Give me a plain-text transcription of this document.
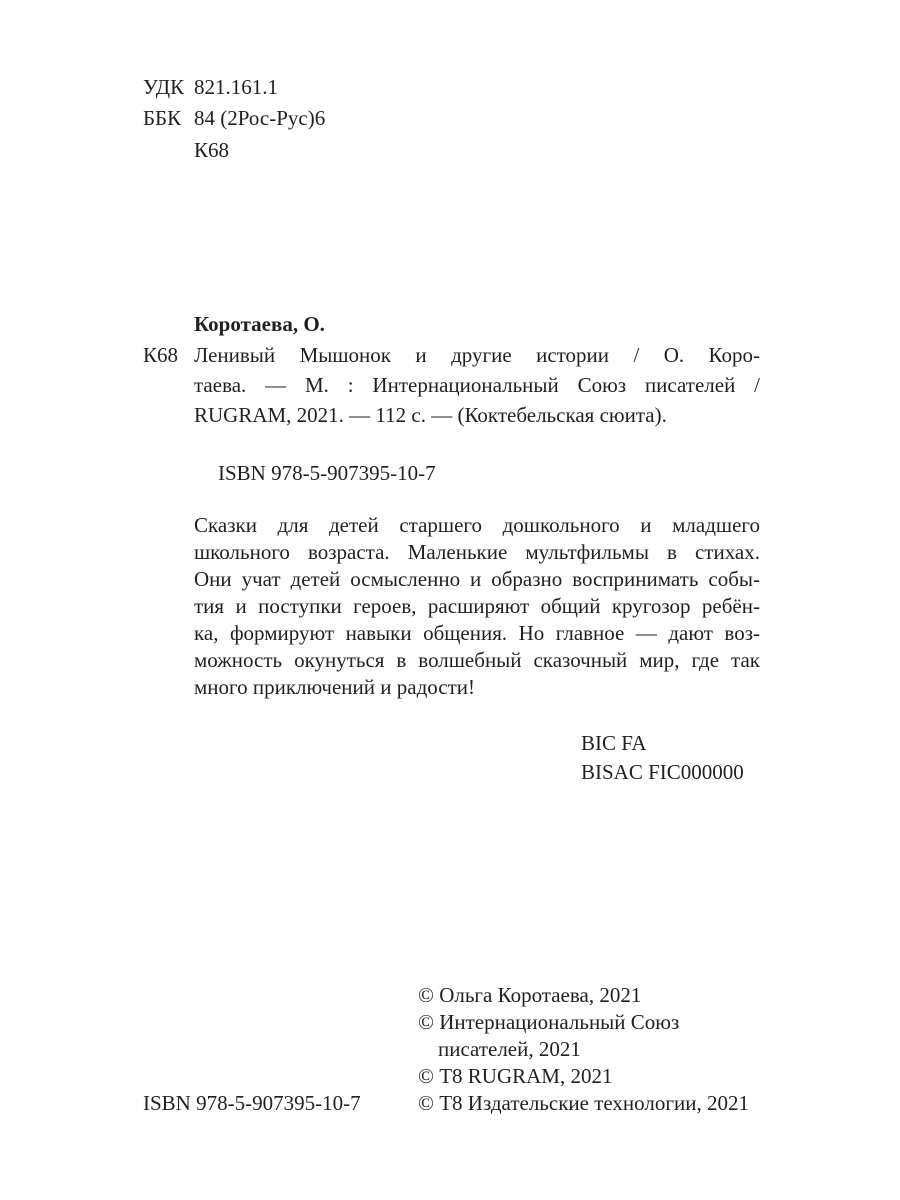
УДК 821.161.1
ББК 84 (2Рос-Рус)6
К68
Коротаева, О.
К68 Ленивый Мышонок и другие истории / О. Коро-
таева. — М. : Интернациональный Союз писателей /
RUGRAM, 2021. — 112 с. — (Коктебельская сюита).
ISBN 978-5-907395-10-7
Сказки для детей старшего дошкольного и младшего
школьного возраста. Маленькие мультфильмы в стихах.
Они учат детей осмысленно и образно воспринимать собы-
тия и поступки героев, расширяют общий кругозор ребён-
ка, формируют навыки общения. Но главное — дают воз-
можность окунуться в волшебный сказочный мир, где так
много приключений и радости!
BIC FA
BISAC FIC000000
© Ольга Коротаева, 2021
© Интернациональный Союз
писателей, 2021
© Т8 RUGRAM, 2021
ISBN 978-5-907395-10-7	© Т8 Издательские технологии, 2021
